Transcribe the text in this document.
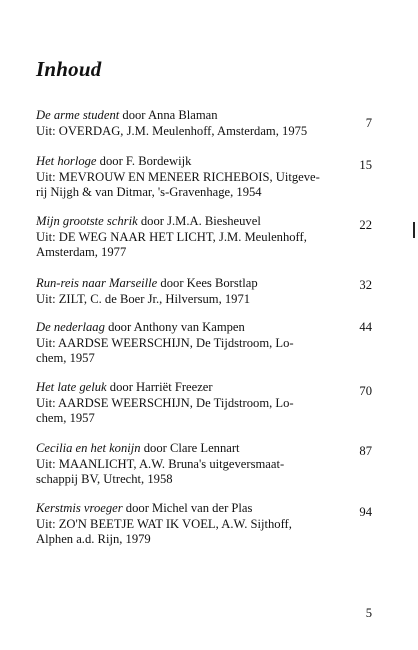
Inhoud
De arme student door Anna Blaman
Uit: OVERDAG, J.M. Meulenhoff, Amsterdam, 1975
7
Het horloge door F. Bordewijk
Uit: MEVROUW EN MENEER RICHEBOIS, Uitgeve-
rij Nijgh & van Ditmar, 's-Gravenhage, 1954
15
Mijn grootste schrik door J.M.A. Biesheuvel
Uit: DE WEG NAAR HET LICHT, J.M. Meulenhoff,
Amsterdam, 1977
22
Run-reis naar Marseille door Kees Borstlap
Uit: ZILT, C. de Boer Jr., Hilversum, 1971
32
De nederlaag door Anthony van Kampen
Uit: AARDSE WEERSCHIJN, De Tijdstroom, Lo-
chem, 1957
44
Het late geluk door Harriët Freezer
Uit: AARDSE WEERSCHIJN, De Tijdstroom, Lo-
chem, 1957
70
Cecilia en het konijn door Clare Lennart
Uit: MAANLICHT, A.W. Bruna's uitgeversmaat-
schappij BV, Utrecht, 1958
87
Kerstmis vroeger door Michel van der Plas
Uit: ZO'N BEETJE WAT IK VOEL, A.W. Sijthoff,
Alphen a.d. Rijn, 1979
94
5
